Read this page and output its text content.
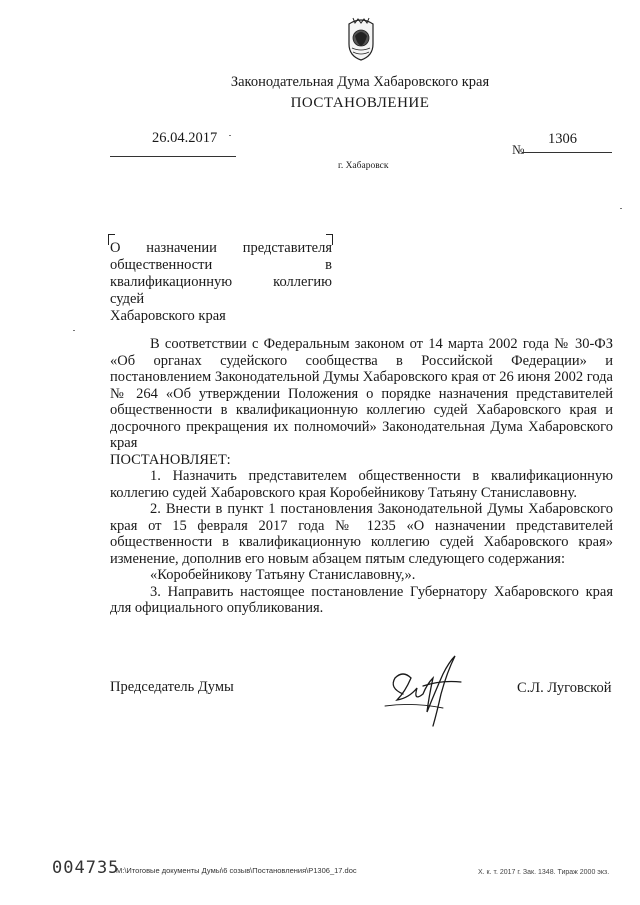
Законодательная Дума Хабаровского края
ПОСТАНОВЛЕНИЕ
26.04.2017
№
1306
г. Хабаровск
О назначении представителя
общественности в
квалификационную коллегию судей
Хабаровского края

В соответствии с Федеральным законом от 14 марта 2002 года № 30-ФЗ «Об органах судейского сообщества в Российской Федерации» и постановлением Законодательной Думы Хабаровского края от 26 июня 2002 года № 264 «Об утверждении Положения о порядке назначения представителей общественности в квалификационную коллегию судей Хабаровского края и досрочного прекращения их полномочий» Законодательная Дума Хабаровского края

ПОСТАНОВЛЯЕТ:

1. Назначить представителем общественности в квалификационную коллегию судей Хабаровского края Коробейникову Татьяну Станиславовну.

2. Внести в пункт 1 постановления Законодательной Думы Хабаровского края от 15 февраля 2017 года № 1235 «О назначении представителей общественности в квалификационную коллегию судей Хабаровского края» изменение, дополнив его новым абзацем пятым следующего содержания:

«Коробейникову Татьяну Станиславовну,».

3. Направить настоящее постановление Губернатору Хабаровского края для официального опубликования.

Председатель Думы	С.Л. Луговской
004735
M:\Итоговые документы Думы\6 созыв\Постановления\P1306_17.doc	Х. к. т. 2017 г. Зак. 1348. Тираж 2000 экз.
